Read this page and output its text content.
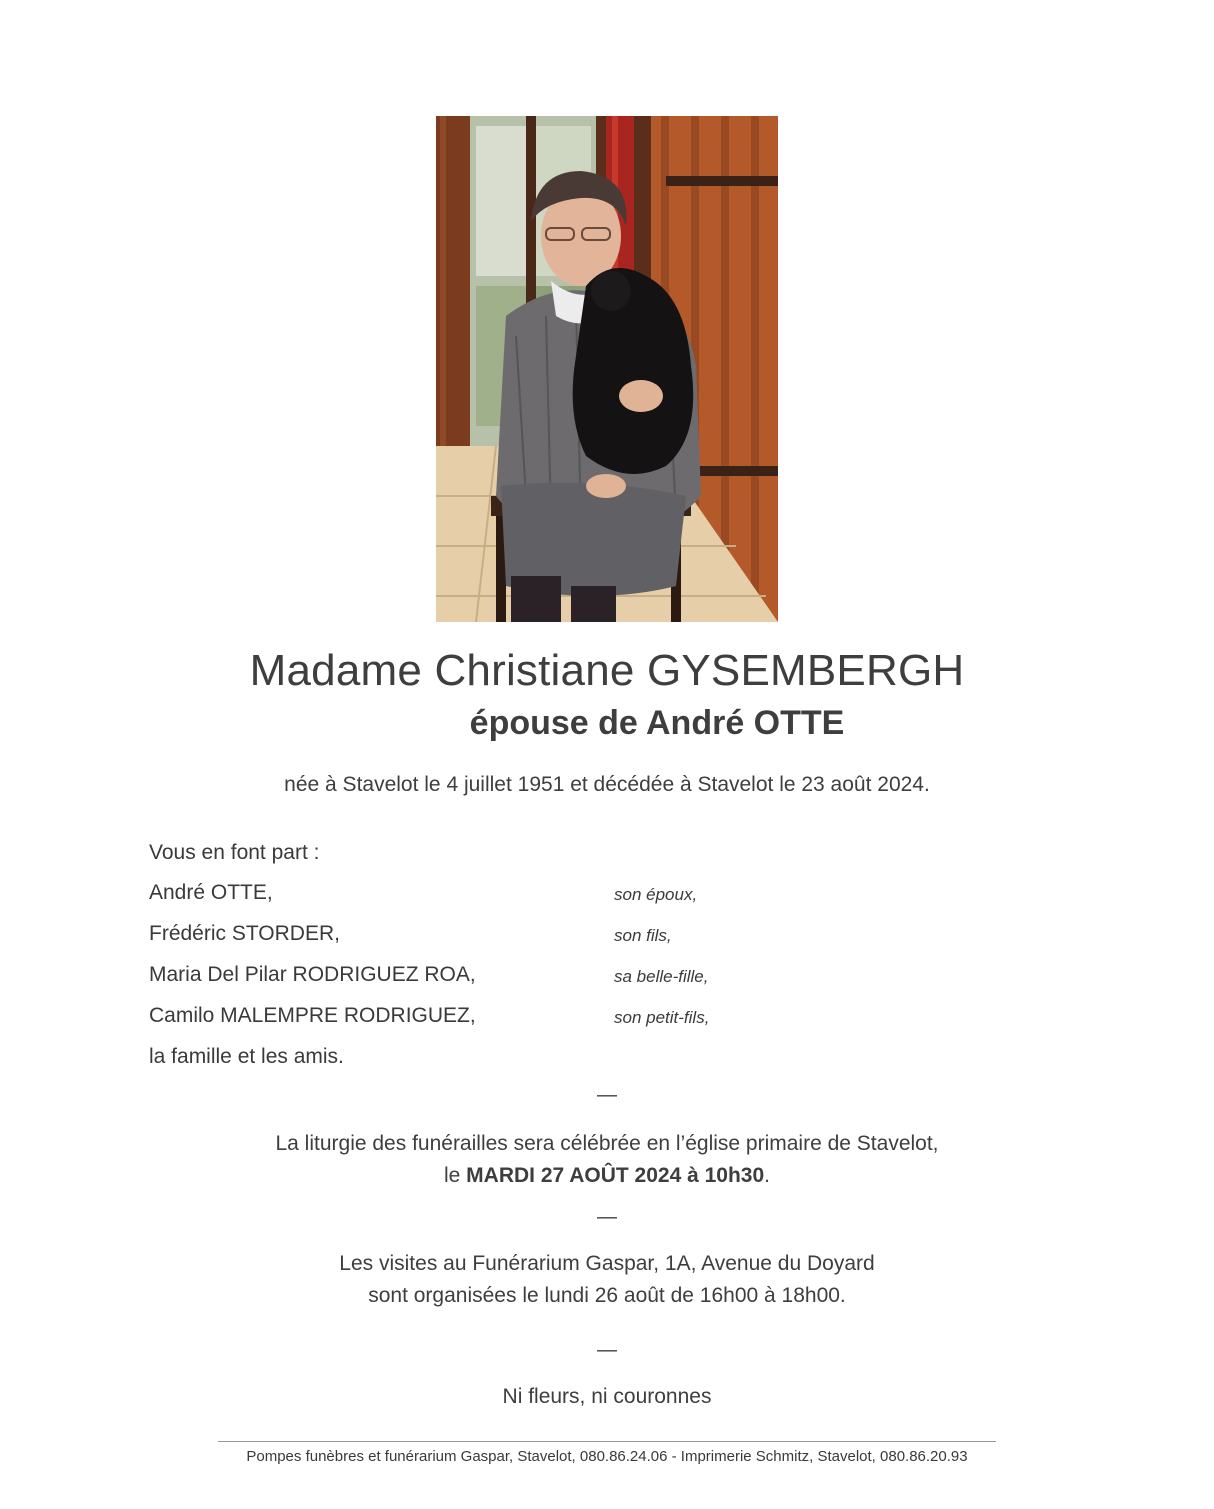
Madame Christiane GYSEMBERGH
épouse de André OTTE
née à Stavelot le 4 juillet 1951 et décédée à Stavelot le 23 août 2024.
Vous en font part :
André OTTE,	son époux,
Frédéric STORDER,	son fils,
Maria Del Pilar RODRIGUEZ ROA,	sa belle-fille,
Camilo MALEMPRE RODRIGUEZ,	son petit-fils,
la famille et les amis.
—
La liturgie des funérailles sera célébrée en l’église primaire de Stavelot,
le MARDI 27 AOÛT 2024 à 10h30.
—
Les visites au Funérarium Gaspar, 1A, Avenue du Doyard
sont organisées le lundi 26 août de 16h00 à 18h00.
—
Ni fleurs, ni couronnes
Pompes funèbres et funérarium Gaspar, Stavelot, 080.86.24.06 - Imprimerie Schmitz, Stavelot, 080.86.20.93
